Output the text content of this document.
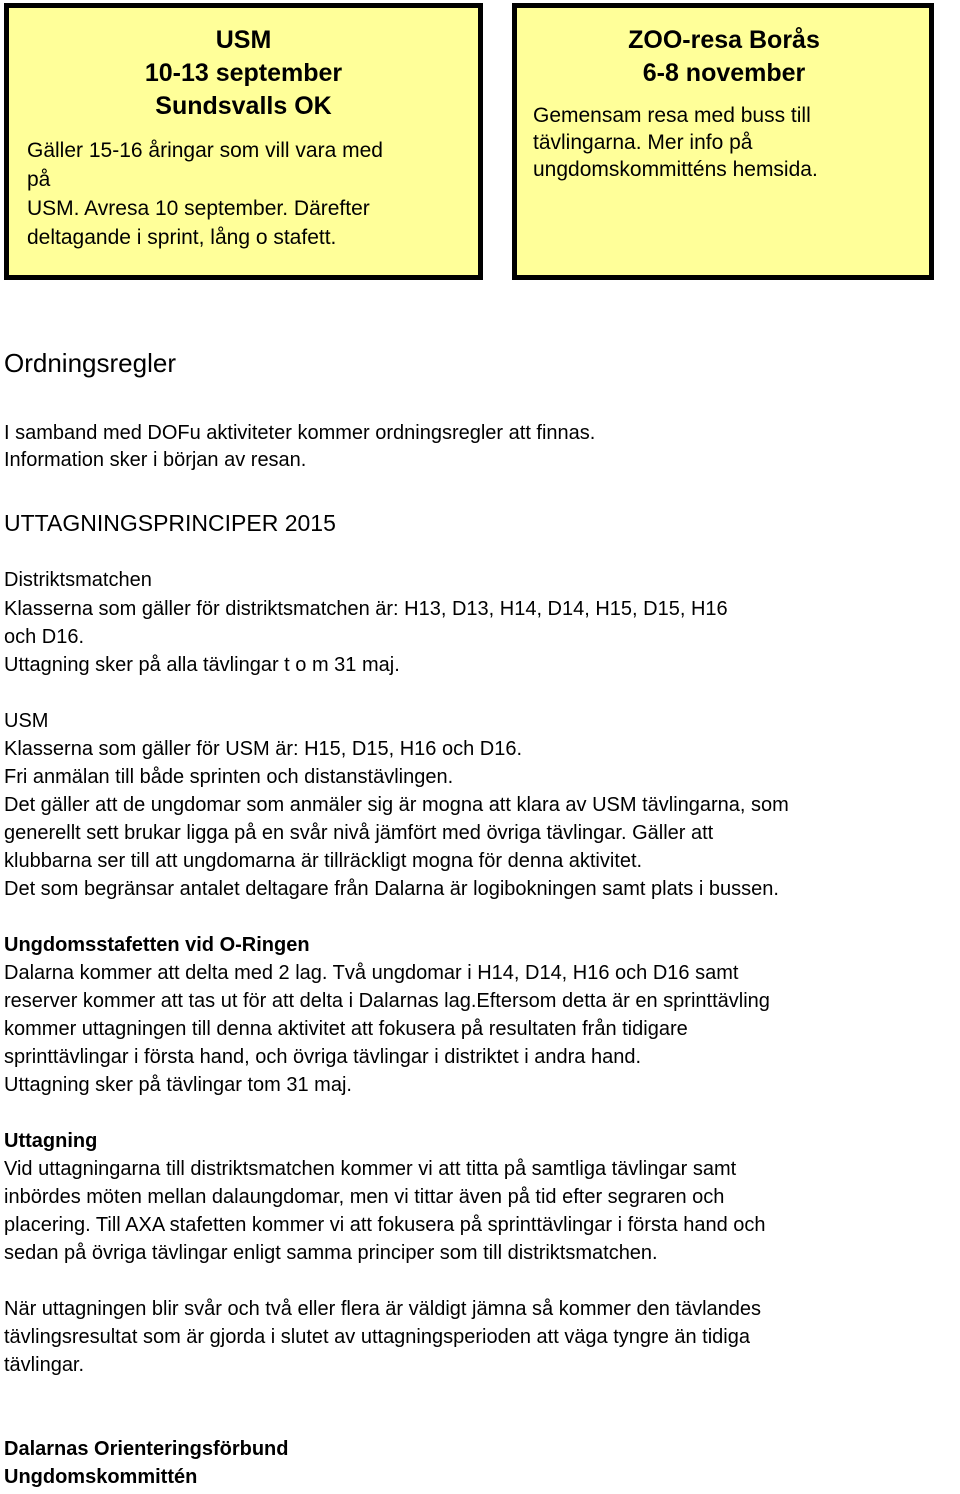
USM
10-13 september
Sundsvalls OK
Gäller 15-16 åringar som vill vara med
på
USM. Avresa 10 september. Därefter
deltagande i sprint, lång o stafett.
ZOO-resa Borås
6-8 november
Gemensam resa med buss till
tävlingarna. Mer info på
ungdomskommitténs hemsida.
Ordningsregler
I samband med DOFu aktiviteter kommer ordningsregler att finnas.
Information sker i början av resan.
UTTAGNINGSPRINCIPER 2015
Distriktsmatchen
Klasserna som gäller för distriktsmatchen är: H13, D13, H14, D14, H15, D15, H16
och D16.
Uttagning sker på alla tävlingar t o m 31 maj.
USM
Klasserna som gäller för USM är: H15, D15, H16 och D16.
Fri anmälan till både sprinten och distanstävlingen.
Det gäller att de ungdomar som anmäler sig är mogna att klara av USM tävlingarna, som
generellt sett brukar ligga på en svår nivå jämfört med övriga tävlingar. Gäller att
klubbarna ser till att ungdomarna är tillräckligt mogna för denna aktivitet.
Det som begränsar antalet deltagare från Dalarna är logibokningen samt plats i bussen.
Ungdomsstafetten vid O-Ringen
Dalarna kommer att delta med 2 lag. Två ungdomar i H14, D14, H16 och D16 samt
reserver kommer att tas ut för att delta i Dalarnas lag.Eftersom detta är en sprinttävling
kommer uttagningen till denna aktivitet att fokusera på resultaten från tidigare
sprinttävlingar i första hand, och övriga tävlingar i distriktet i andra hand.
Uttagning sker på tävlingar tom 31 maj.
Uttagning
Vid uttagningarna till distriktsmatchen kommer vi att titta på samtliga tävlingar samt
inbördes möten mellan dalaungdomar, men vi tittar även på tid efter segraren och
placering. Till AXA stafetten kommer vi att fokusera på sprinttävlingar i första hand och
sedan på övriga tävlingar enligt samma principer som till distriktsmatchen.
När uttagningen blir svår och två eller flera är väldigt jämna så kommer den tävlandes
tävlingsresultat som är gjorda i slutet av uttagningsperioden att väga tyngre än tidiga
tävlingar.
Dalarnas Orienteringsförbund
Ungdomskommittén
